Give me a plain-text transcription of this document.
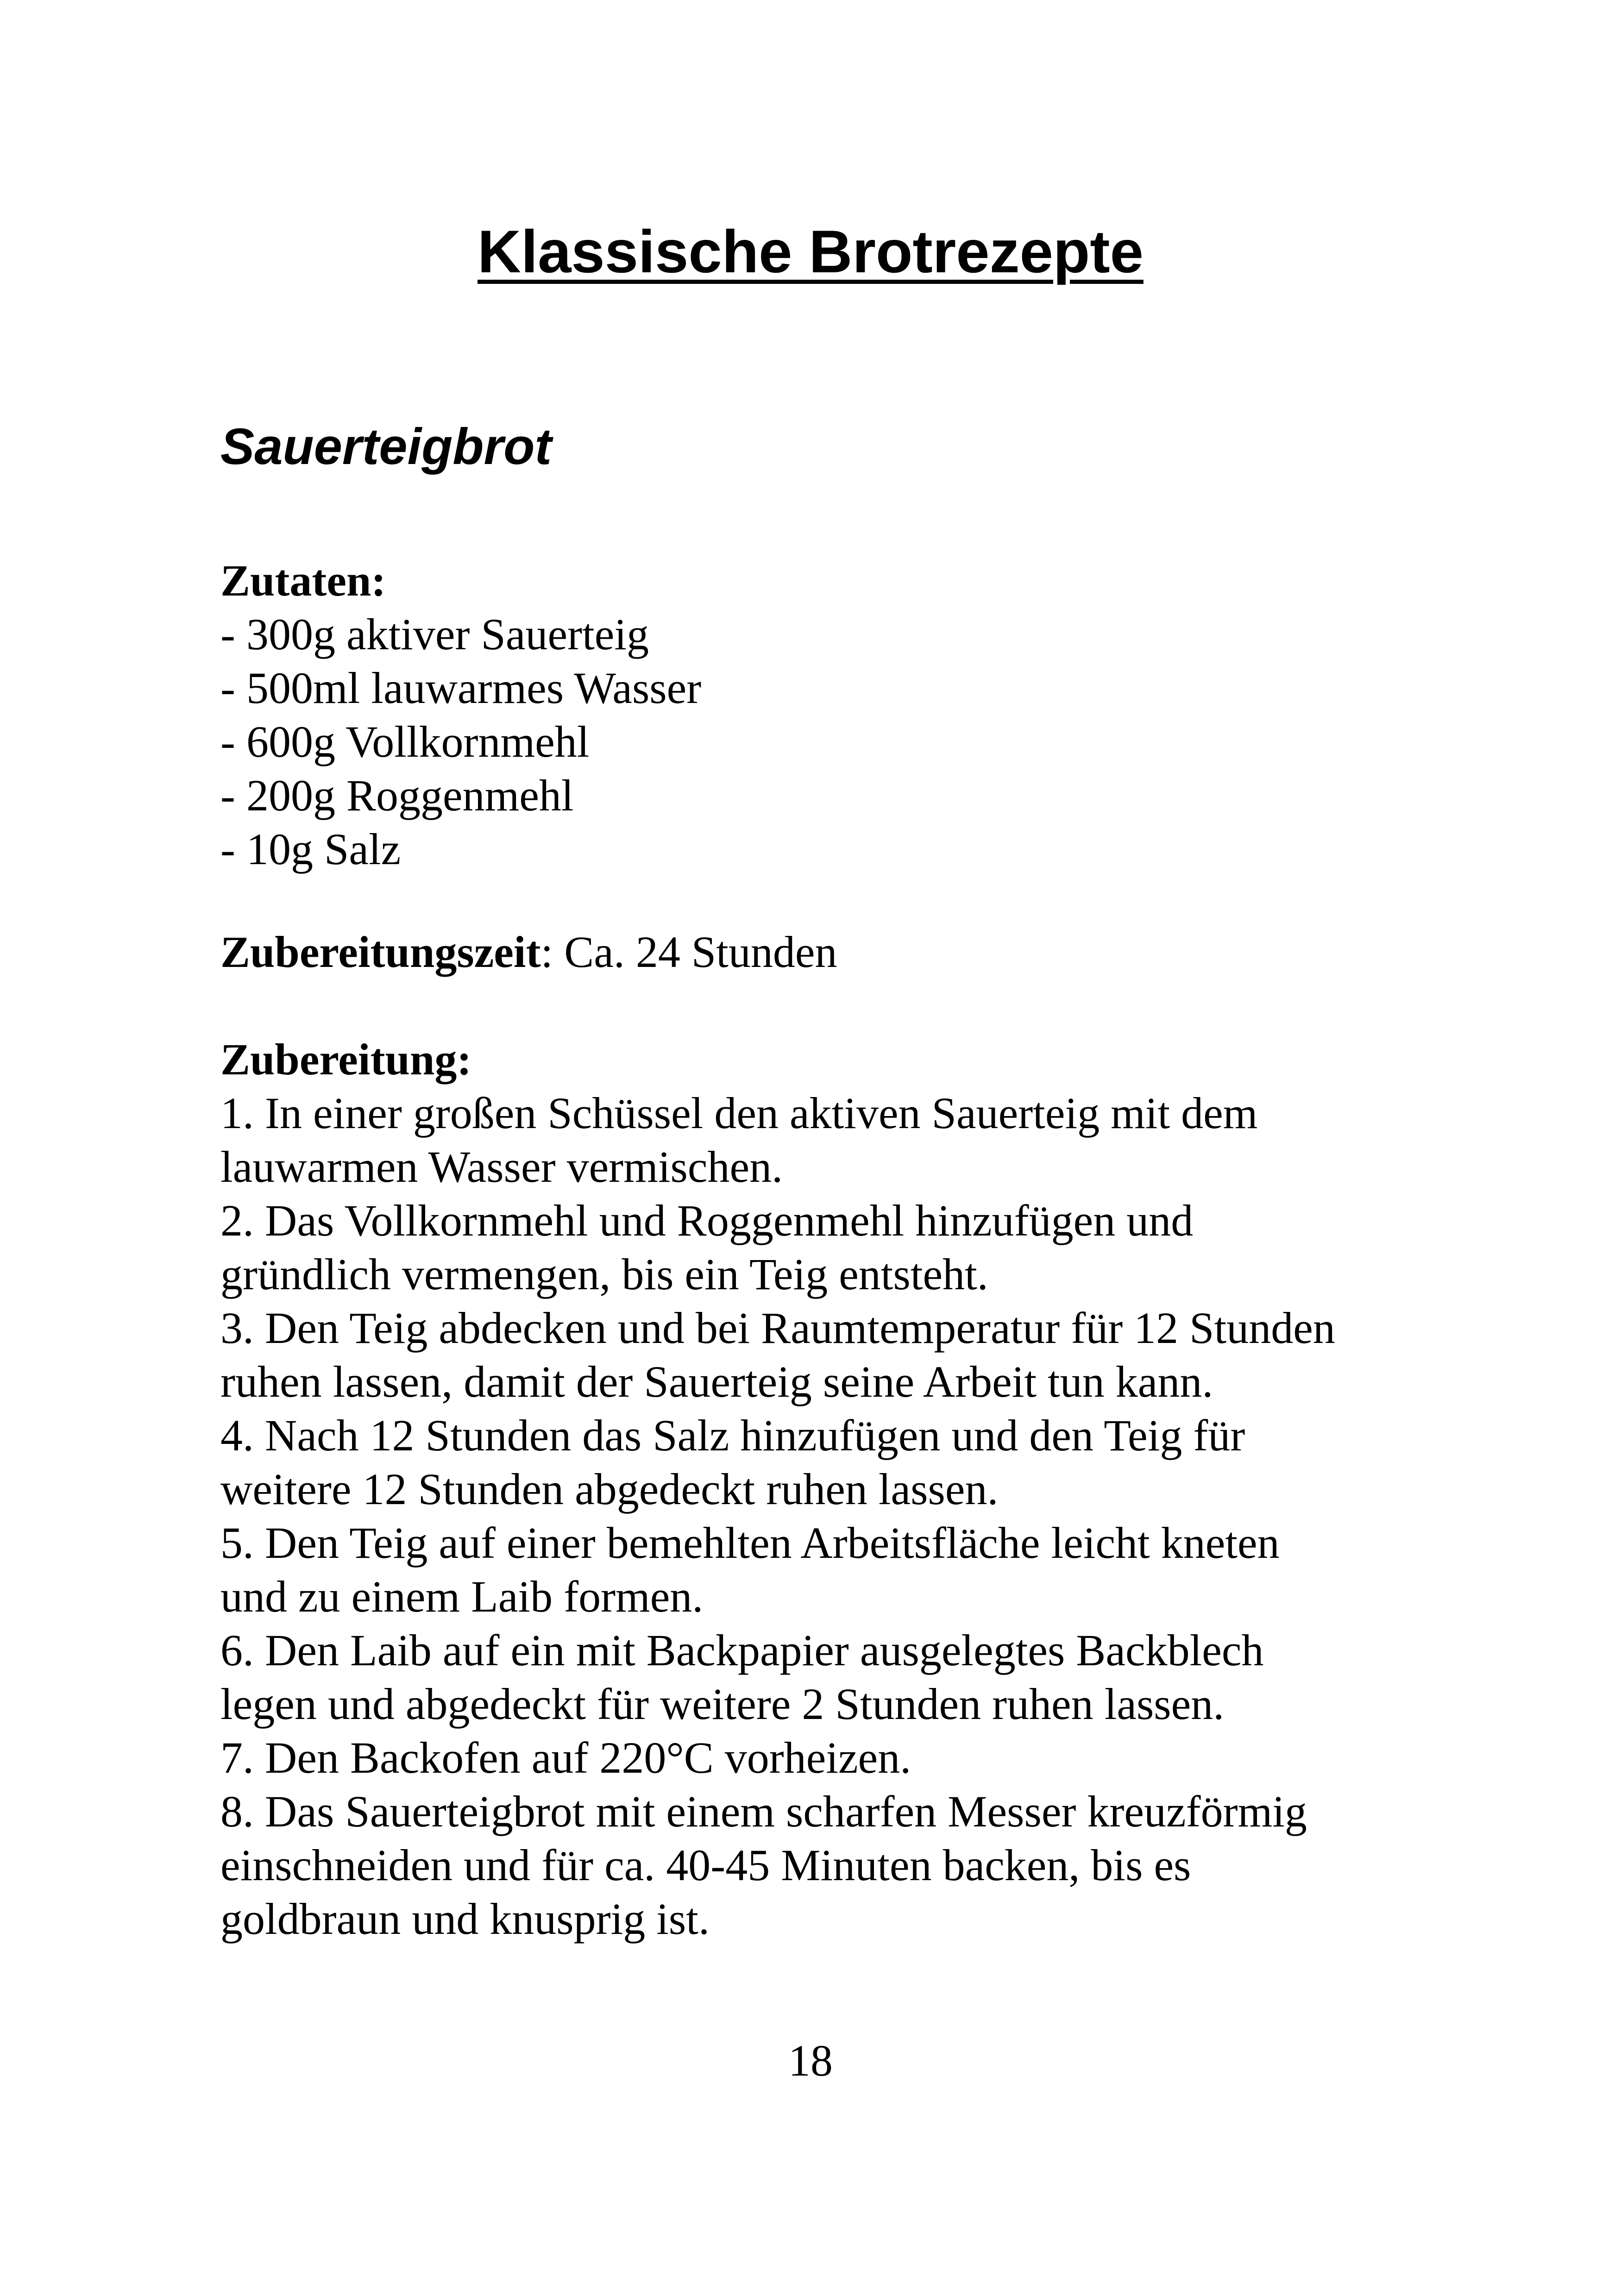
Klassische Brotrezepte
Sauerteigbrot
Zutaten:
- 300g aktiver Sauerteig
- 500ml lauwarmes Wasser
- 600g Vollkornmehl
- 200g Roggenmehl
- 10g Salz
Zubereitungszeit: Ca. 24 Stunden
Zubereitung:
1. In einer großen Schüssel den aktiven Sauerteig mit dem
lauwarmen Wasser vermischen.
2. Das Vollkornmehl und Roggenmehl hinzufügen und
gründlich vermengen, bis ein Teig entsteht.
3. Den Teig abdecken und bei Raumtemperatur für 12 Stunden
ruhen lassen, damit der Sauerteig seine Arbeit tun kann.
4. Nach 12 Stunden das Salz hinzufügen und den Teig für
weitere 12 Stunden abgedeckt ruhen lassen.
5. Den Teig auf einer bemehlten Arbeitsfläche leicht kneten
und zu einem Laib formen.
6. Den Laib auf ein mit Backpapier ausgelegtes Backblech
legen und abgedeckt für weitere 2 Stunden ruhen lassen.
7. Den Backofen auf 220°C vorheizen.
8. Das Sauerteigbrot mit einem scharfen Messer kreuzförmig
einschneiden und für ca. 40-45 Minuten backen, bis es
goldbraun und knusprig ist.
18
